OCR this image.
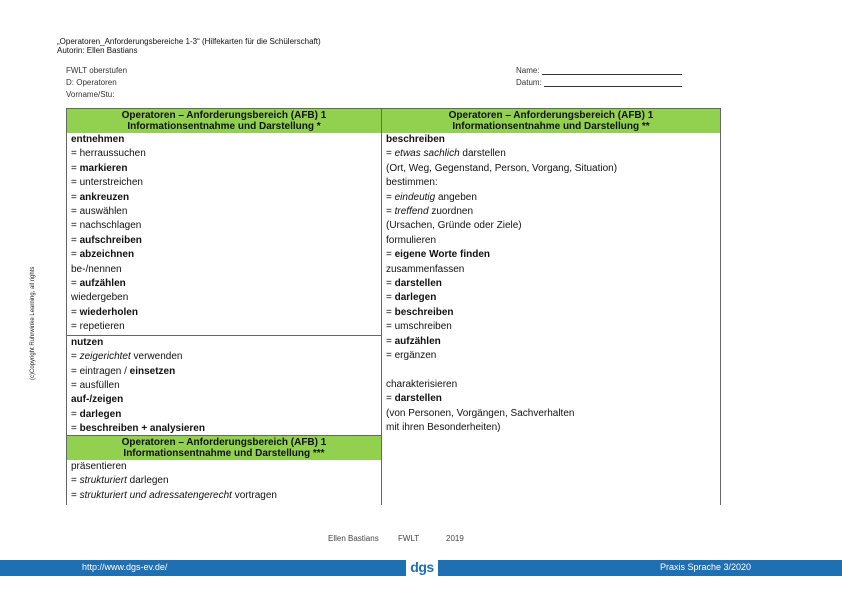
„Operatoren_Anforderungsbereiche 1-3“ (Hilfekarten für die Schülerschaft)
Autorin: Ellen Bastians
FWLT oberstufen
D: Operatoren
Vorname/Stu:
Name:
Datum:
(c)Copyright Ruhrwinke Learning, all rights
Operatoren – Anforderungsbereich (AFB) 1
Informationsentnahme und Darstellung *
entnehmen
= herraussuchen
= markieren
= unterstreichen
= ankreuzen
= auswählen
= nachschlagen
= aufschreiben
= abzeichnen
be-/nennen
= aufzählen
wiedergeben
= wiederholen
= repetieren
nutzen
= zeigerichtet verwenden
= eintragen / einsetzen
= ausfüllen
auf-/zeigen
= darlegen
= beschreiben + analysieren
Operatoren – Anforderungsbereich (AFB) 1
Informationsentnahme und Darstellung ***
präsentieren
= strukturiert darlegen
= strukturiert und adressatengerecht vortragen
Operatoren – Anforderungsbereich (AFB) 1
Informationsentnahme und Darstellung **
beschreiben
= etwas sachlich darstellen
(Ort, Weg, Gegenstand, Person, Vorgang, Situation)
bestimmen:
= eindeutig angeben
= treffend zuordnen
(Ursachen, Gründe oder Ziele)
formulieren
= eigene Worte finden
zusammenfassen
= darstellen
= darlegen
= beschreiben
= umschreiben
= aufzählen
= ergänzen

charakterisieren
= darstellen
(von Personen, Vorgängen, Sachverhalten
mit ihren Besonderheiten)
Ellen Bastians FWLT	2019
http://www.dgs-ev.de/	dgs	Praxis Sprache 3/2020
